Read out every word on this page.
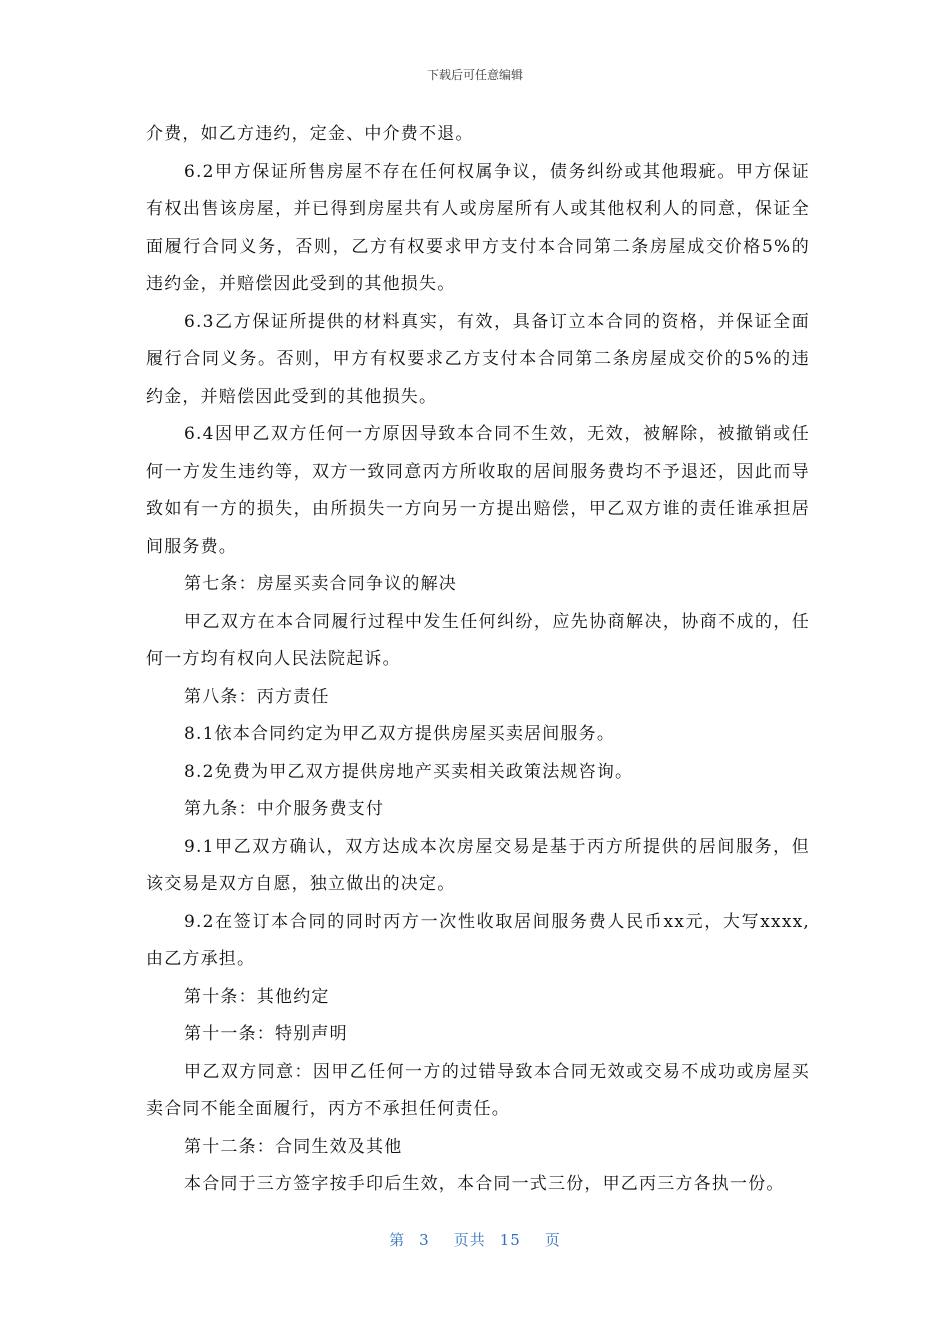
下载后可任意编辑

介费，如乙方违约，定金、中介费不退。

6.2甲方保证所售房屋不存在任何权属争议，债务纠纷或其他瑕疵。甲方保证有权出售该房屋，并已得到房屋共有人或房屋所有人或其他权利人的同意，保证全面履行合同义务，否则，乙方有权要求甲方支付本合同第二条房屋成交价格5%的违约金，并赔偿因此受到的其他损失。

6.3乙方保证所提供的材料真实，有效，具备订立本合同的资格，并保证全面履行合同义务。否则，甲方有权要求乙方支付本合同第二条房屋成交价的5%的违约金，并赔偿因此受到的其他损失。

6.4因甲乙双方任何一方原因导致本合同不生效，无效，被解除，被撤销或任何一方发生违约等，双方一致同意丙方所收取的居间服务费均不予退还，因此而导致如有一方的损失，由所损失一方向另一方提出赔偿，甲乙双方谁的责任谁承担居间服务费。

第七条：房屋买卖合同争议的解决

甲乙双方在本合同履行过程中发生任何纠纷，应先协商解决，协商不成的，任何一方均有权向人民法院起诉。

第八条：丙方责任

8.1依本合同约定为甲乙双方提供房屋买卖居间服务。

8.2免费为甲乙双方提供房地产买卖相关政策法规咨询。

第九条：中介服务费支付

9.1甲乙双方确认，双方达成本次房屋交易是基于丙方所提供的居间服务，但该交易是双方自愿，独立做出的决定。

9.2在签订本合同的同时丙方一次性收取居间服务费人民币xx元，大写xxxx,由乙方承担。

第十条：其他约定

第十一条：特别声明

甲乙双方同意：因甲乙任何一方的过错导致本合同无效或交易不成功或房屋买卖合同不能全面履行，丙方不承担任何责任。

第十二条：合同生效及其他

本合同于三方签字按手印后生效，本合同一式三份，甲乙丙三方各执一份。

第 3 页共 15 页
